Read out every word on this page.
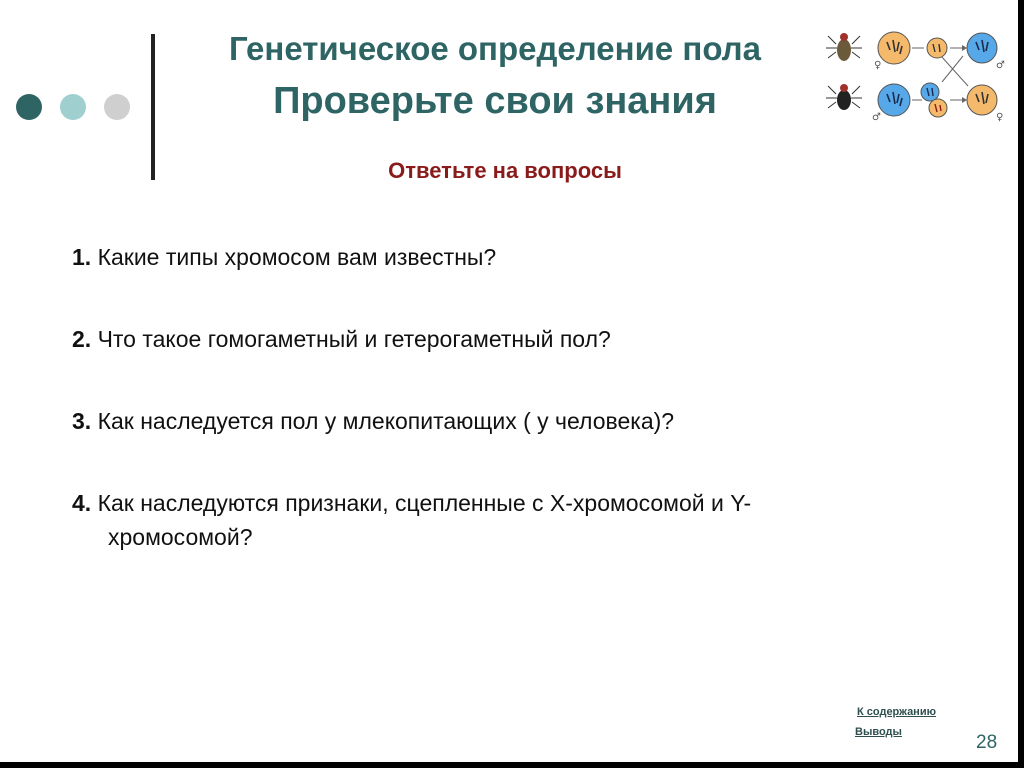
Генетическое определение пола
Проверьте свои знания
Ответьте на вопросы
♀
♂
♂
♀
1. Какие типы хромосом вам известны?
2. Что такое гомогаметный и гетерогаметный пол?
3. Как наследуется пол у млекопитающих ( у человека)?
4. Как наследуются признаки, сцепленные с Х-хромосомой и Y-
хромосомой?
К содержанию
Выводы	28
